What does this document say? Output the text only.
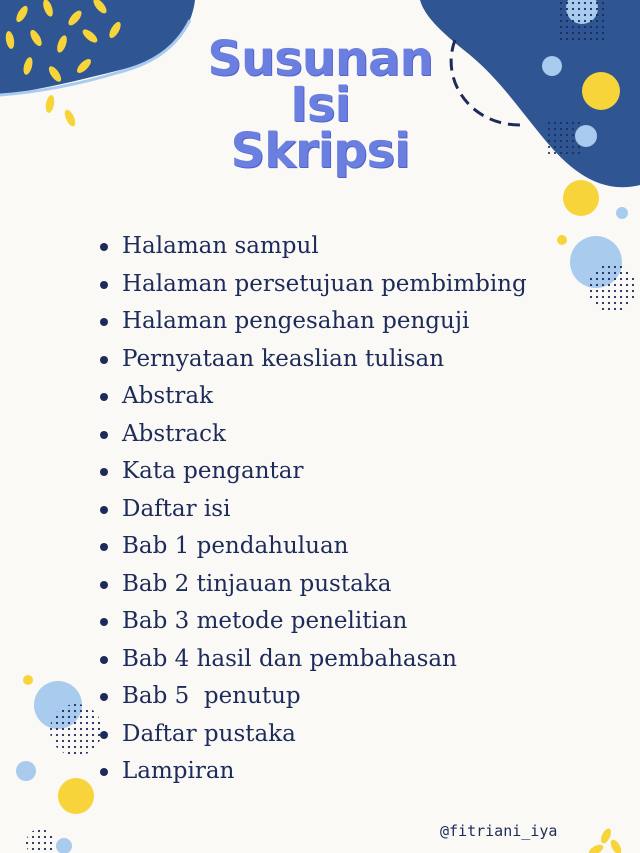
Susunan
Isi
Skripsi
Halaman sampul
Halaman persetujuan pembimbing
Halaman pengesahan penguji
Pernyataan keaslian tulisan
Abstrak
Abstrack
Kata pengantar
Daftar isi
Bab 1 pendahuluan
Bab 2 tinjauan pustaka
Bab 3 metode penelitian
Bab 4 hasil dan pembahasan
Bab 5  penutup
Daftar pustaka
Lampiran
@fitriani_iya
